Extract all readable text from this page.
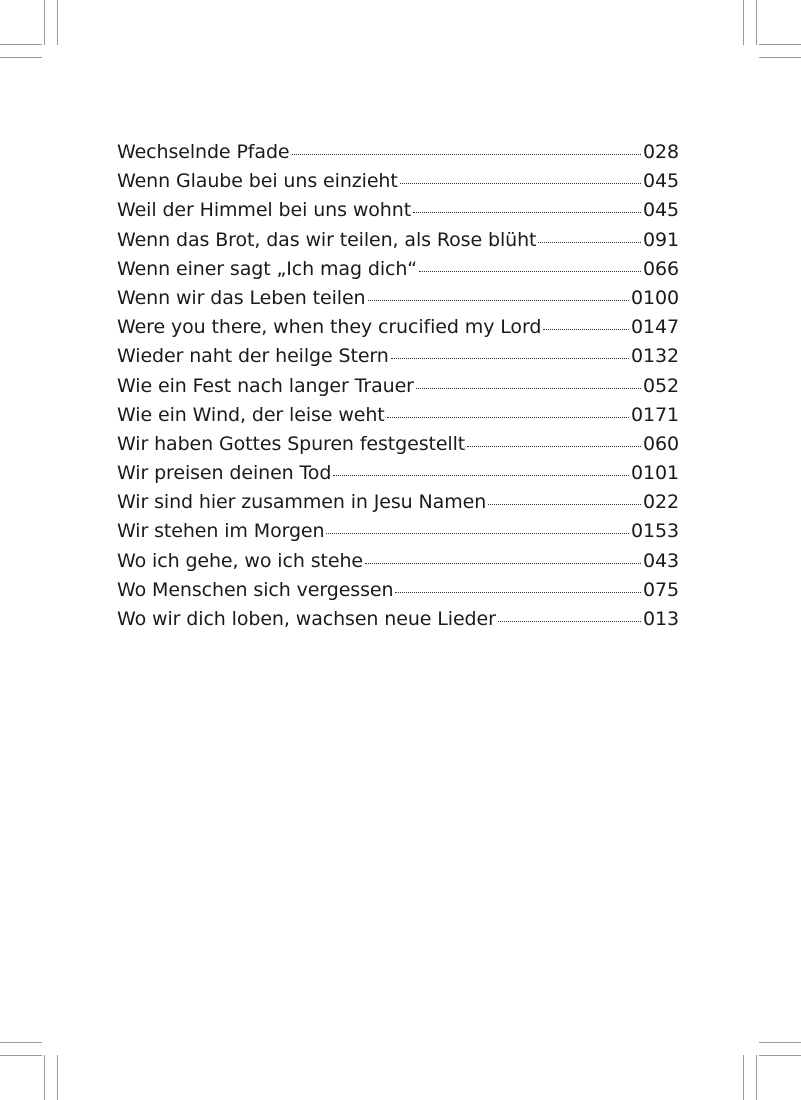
Wechselnde Pfade	028
Wenn Glaube bei uns einzieht	045
Weil der Himmel bei uns wohnt	045
Wenn das Brot, das wir teilen, als Rose blüht	091
Wenn einer sagt „Ich mag dich“	066
Wenn wir das Leben teilen	0100
Were you there, when they crucified my Lord	0147
Wieder naht der heilge Stern	0132
Wie ein Fest nach langer Trauer	052
Wie ein Wind, der leise weht	0171
Wir haben Gottes Spuren festgestellt	060
Wir preisen deinen Tod	0101
Wir sind hier zusammen in Jesu Namen	022
Wir stehen im Morgen	0153
Wo ich gehe, wo ich stehe	043
Wo Menschen sich vergessen	075
Wo wir dich loben, wachsen neue Lieder	013
